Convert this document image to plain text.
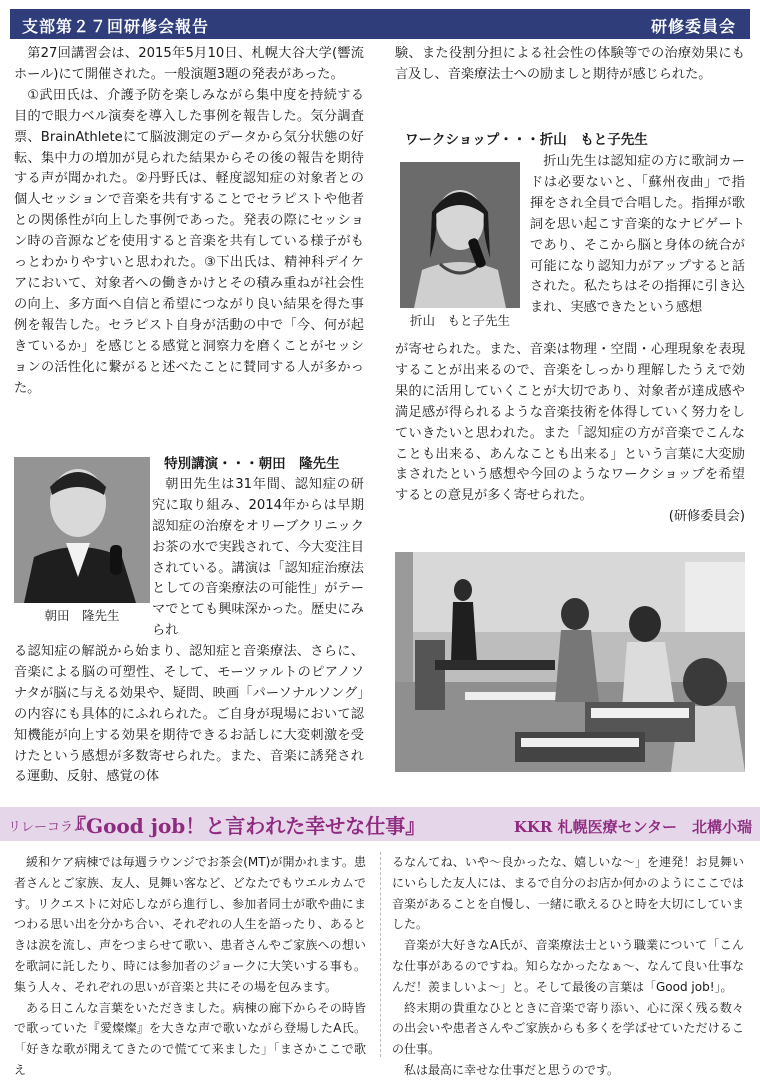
支部第２７回研修会報告	研修委員会

第27回講習会は、2015年5月10日、札幌大谷大学(響流ホール)にて開催された。一般演題3題の発表があった。

①武田氏は、介護予防を楽しみながら集中度を持続する目的で眼力ベル演奏を導入した事例を報告した。気分調査票、BrainAthleteにて脳波測定のデータから気分状態の好転、集中力の増加が見られた結果からその後の報告を期待する声が聞かれた。②丹野氏は、軽度認知症の対象者との個人セッションで音楽を共有することでセラピストや他者との関係性が向上した事例であった。発表の際にセッション時の音源などを使用すると音楽を共有している様子がもっとわかりやすいと思われた。③下出氏は、精神科デイケアにおいて、対象者への働きかけとその積み重ねが社会性の向上、多方面へ自信と希望につながり良い結果を得た事例を報告した。セラピスト自身が活動の中で「今、何が起きているか」を感じとる感覚と洞察力を磨くことがセッションの活性化に繋がると述べたことに賛同する人が多かった。

朝田　隆先生

特別講演・・・朝田　隆先生

朝田先生は31年間、認知症の研究に取り組み、2014年からは早期認知症の治療をオリーブクリニックお茶の水で実践されて、今大変注目されている。講演は「認知症治療法としての音楽療法の可能性」がテーマでとても興味深かった。歴史にみられ

る認知症の解説から始まり、認知症と音楽療法、さらに、音楽による脳の可塑性、そして、モーツァルトのピアノソナタが脳に与える効果や、疑問、映画「パーソナルソング」の内容にも具体的にふれられた。ご自身が現場において認知機能が向上する効果を期待できるお話しに大変刺激を受けたという感想が多数寄せられた。また、音楽に誘発される運動、反射、感覚の体

験、また役割分担による社会性の体験等での治療効果にも言及し、音楽療法士への励ましと期待が感じられた。

ワークショップ・・・折山　もと子先生

折山　もと子先生

折山先生は認知症の方に歌詞カードは必要ないと、「蘇州夜曲」で指揮をされ全員で合唱した。指揮が歌詞を思い起こす音楽的なナビゲートであり、そこから脳と身体の統合が可能になり認知力がアップすると話された。私たちはその指揮に引き込まれ、実感できたという感想

が寄せられた。また、音楽は物理・空間・心理現象を表現することが出来るので、音楽をしっかり理解したうえで効果的に活用していくことが大切であり、対象者が達成感や満足感が得られるような音楽技術を体得していく努力をしていきたいと思われた。また「認知症の方が音楽でこんなことも出来る、あんなことも出来る」という言葉に大変励まされたという感想や今回のようなワークショップを希望するとの意見が多く寄せられた。

(研修委員会)
リレーコラム
『Good job！と言われた幸せな仕事』	KKR 札幌医療センター　北構小瑞

緩和ケア病棟では毎週ラウンジでお茶会(MT)が開かれます。患者さんとご家族、友人、見舞い客など、どなたでもウエルカムです。リクエストに対応しながら進行し、参加者同士が歌や曲にまつわる思い出を分かち合い、それぞれの人生を語ったり、あるときは涙を流し、声をつまらせて歌い、患者さんやご家族への想いを歌詞に託したり、時には参加者のジョークに大笑いする事も。集う人々、それぞれの思いが音楽と共にその場を包みます。

ある日こんな言葉をいただきました。病棟の廊下からその時皆で歌っていた『愛燦燦』を大きな声で歌いながら登場したA氏。「好きな歌が聞えてきたので慌てて来ました」「まさかここで歌え

るなんてね、いや〜良かったな、嬉しいな〜」を連発！お見舞いにいらした友人には、まるで自分のお店か何かのようにここでは音楽があることを自慢し、一緒に歌えるひと時を大切にしていました。

音楽が大好きなA氏が、音楽療法士という職業について「こんな仕事があるのですね。知らなかったなぁ〜、なんて良い仕事なんだ！羨ましいよ〜」と。そして最後の言葉は「Good job!」。

終末期の貴重なひとときに音楽で寄り添い、心に深く残る数々の出会いや患者さんやご家族からも多くを学ばせていただけるこの仕事。

私は最高に幸せな仕事だと思うのです。
